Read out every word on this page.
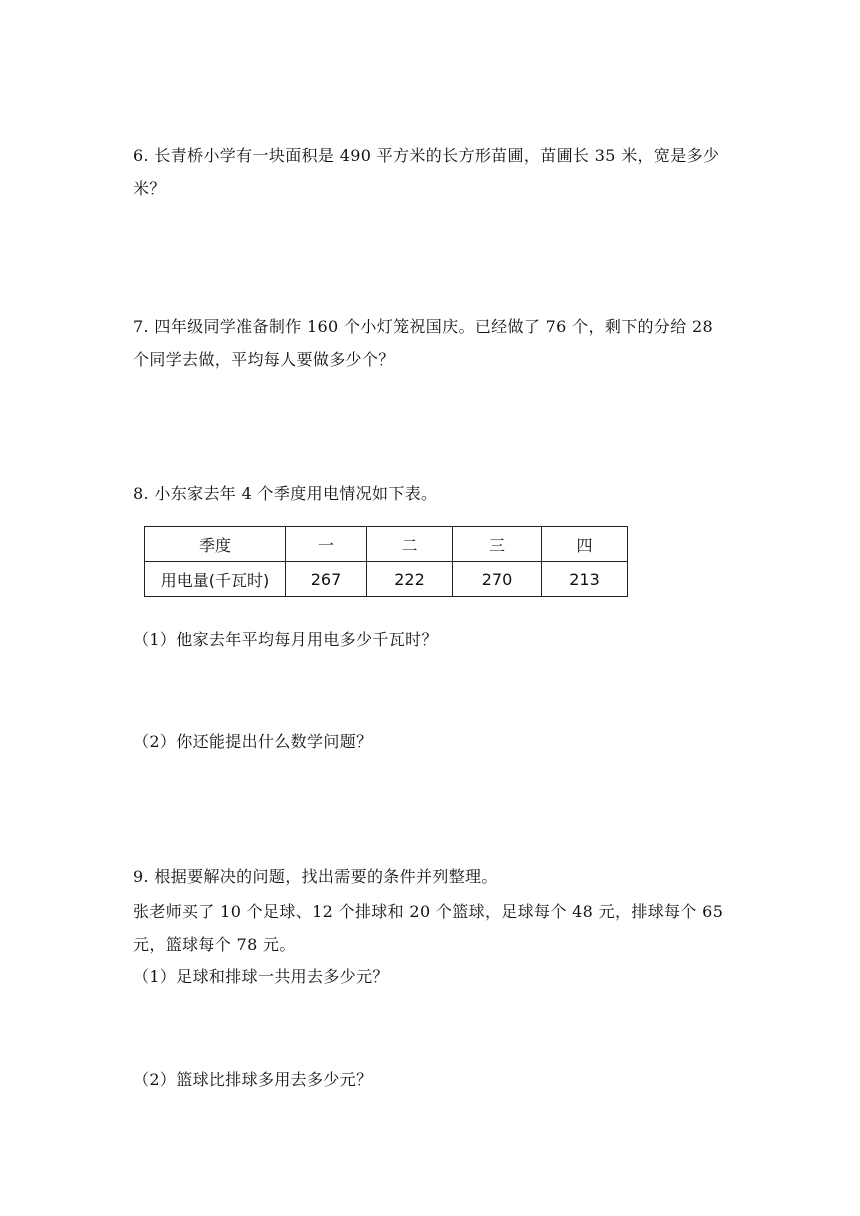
6. 长青桥小学有一块面积是 490 平方米的长方形苗圃，苗圃长 35 米，宽是多少

米？

7. 四年级同学准备制作 160 个小灯笼祝国庆。已经做了 76 个，剩下的分给 28

个同学去做，平均每人要做多少个？

8. 小东家去年 4 个季度用电情况如下表。

季度	一	二	三	四
用电量(千瓦时)	267	222	270	213

（1）他家去年平均每月用电多少千瓦时？

（2）你还能提出什么数学问题？

9. 根据要解决的问题，找出需要的条件并列整理。

张老师买了 10 个足球、12 个排球和 20 个篮球，足球每个 48 元，排球每个 65

元，篮球每个 78 元。

（1）足球和排球一共用去多少元？

（2）篮球比排球多用去多少元？
